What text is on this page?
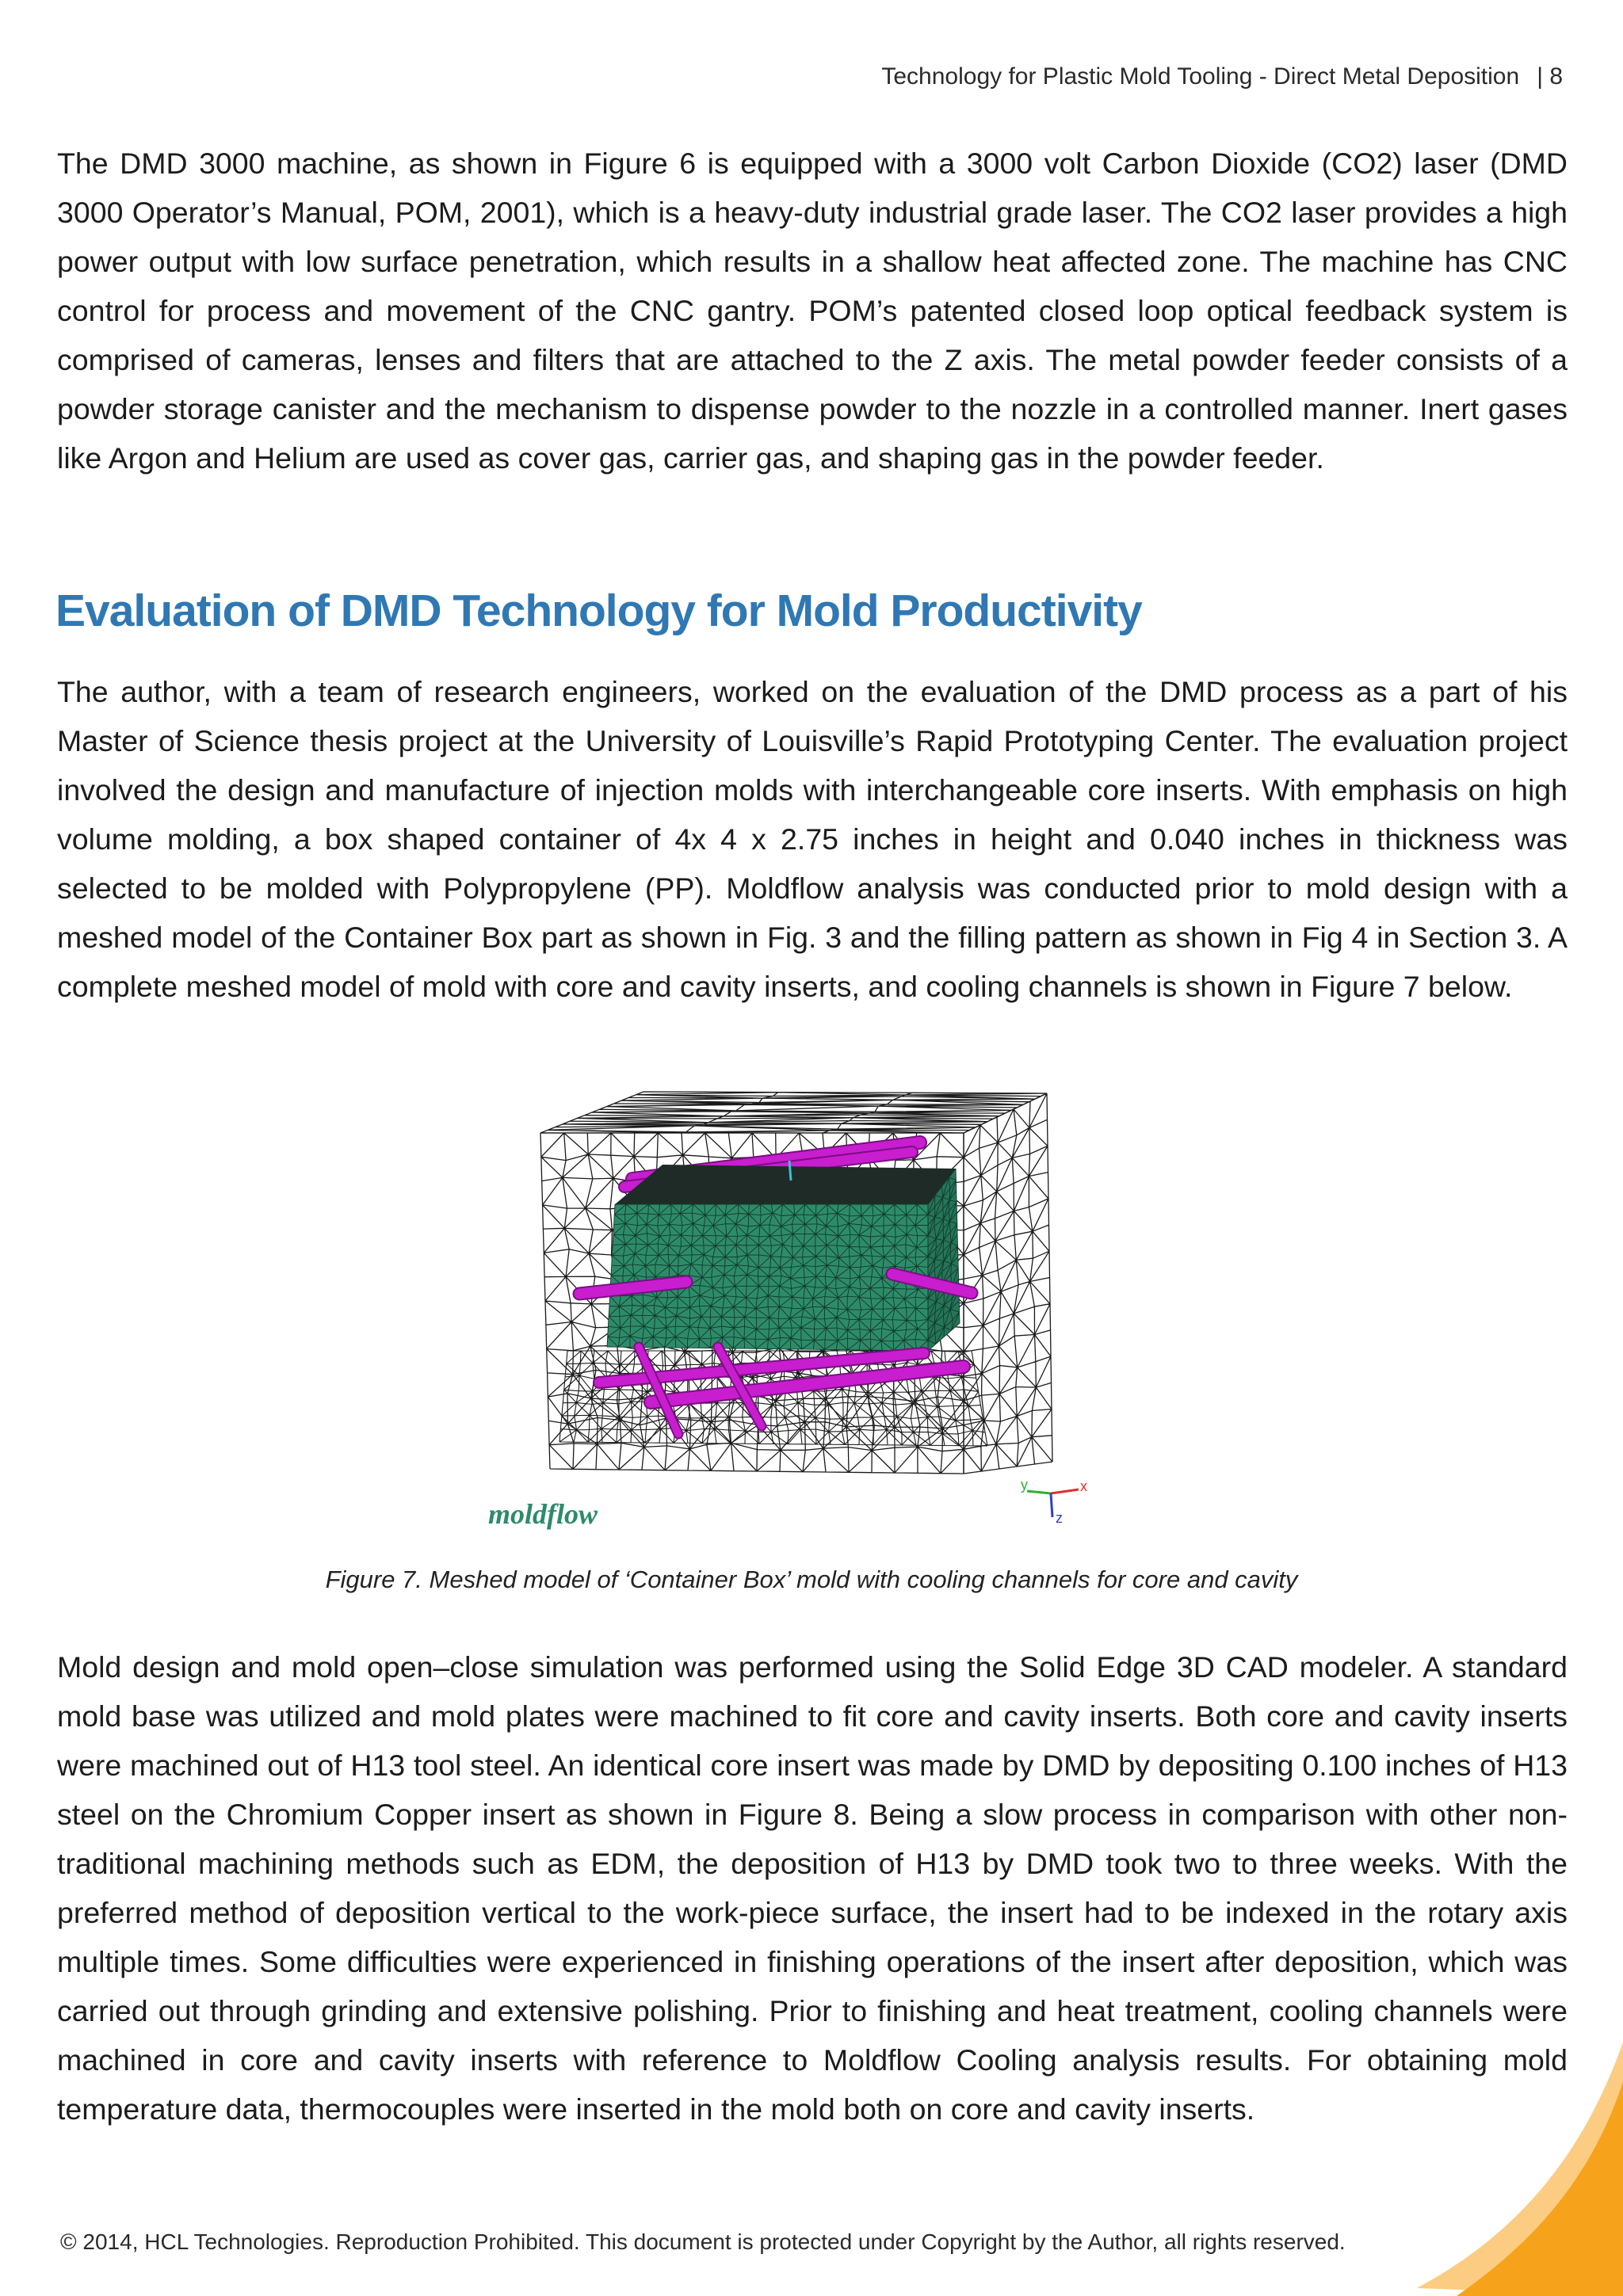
Technology for Plastic Mold Tooling - Direct Metal Deposition | 8

The DMD 3000 machine, as shown in Figure 6 is equipped with a 3000 volt Carbon Dioxide (CO2) laser (DMD 3000 Operator’s Manual, POM, 2001), which is a heavy-duty industrial grade laser. The CO2 laser provides a high power output with low surface penetration, which results in a shallow heat affected zone. The machine has CNC control for process and movement of the CNC gantry. POM’s patented closed loop optical feedback system is comprised of cameras, lenses and filters that are attached to the Z axis. The metal powder feeder consists of a powder storage canister and the mechanism to dispense powder to the nozzle in a controlled manner. Inert gases like Argon and Helium are used as cover gas, carrier gas, and shaping gas in the powder feeder.

Evaluation of DMD Technology for Mold Productivity

The author, with a team of research engineers, worked on the evaluation of the DMD process as a part of his Master of Science thesis project at the University of Louisville’s Rapid Prototyping Center. The evaluation project involved the design and manufacture of injection molds with interchangeable core inserts. With emphasis on high volume molding, a box shaped container of 4x 4 x 2.75 inches in height and 0.040 inches in thickness was selected to be molded with Polypropylene (PP). Moldflow analysis was conducted prior to mold design with a meshed model of the Container Box part as shown in Fig. 3 and the filling pattern as shown in Fig 4 in Section 3. A complete meshed model of mold with core and cavity inserts, and cooling channels is shown in Figure 7 below.

moldflow
y	x
z
Figure 7. Meshed model of ‘Container Box’ mold with cooling channels for core and cavity

Mold design and mold open–close simulation was performed using the Solid Edge 3D CAD modeler. A standard mold base was utilized and mold plates were machined to fit core and cavity inserts. Both core and cavity inserts were machined out of H13 tool steel. An identical core insert was made by DMD by depositing 0.100 inches of H13 steel on the Chromium Copper insert as shown in Figure 8. Being a slow process in comparison with other non-traditional machining methods such as EDM, the deposition of H13 by DMD took two to three weeks. With the preferred method of deposition vertical to the work-piece surface, the insert had to be indexed in the rotary axis multiple times. Some difficulties were experienced in finishing operations of the insert after deposition, which was carried out through grinding and extensive polishing. Prior to finishing and heat treatment, cooling channels were machined in core and cavity inserts with reference to Moldflow Cooling analysis results. For obtaining mold temperature data, thermocouples were inserted in the mold both on core and cavity inserts.

© 2014, HCL Technologies. Reproduction Prohibited. This document is protected under Copyright by the Author, all rights reserved.
